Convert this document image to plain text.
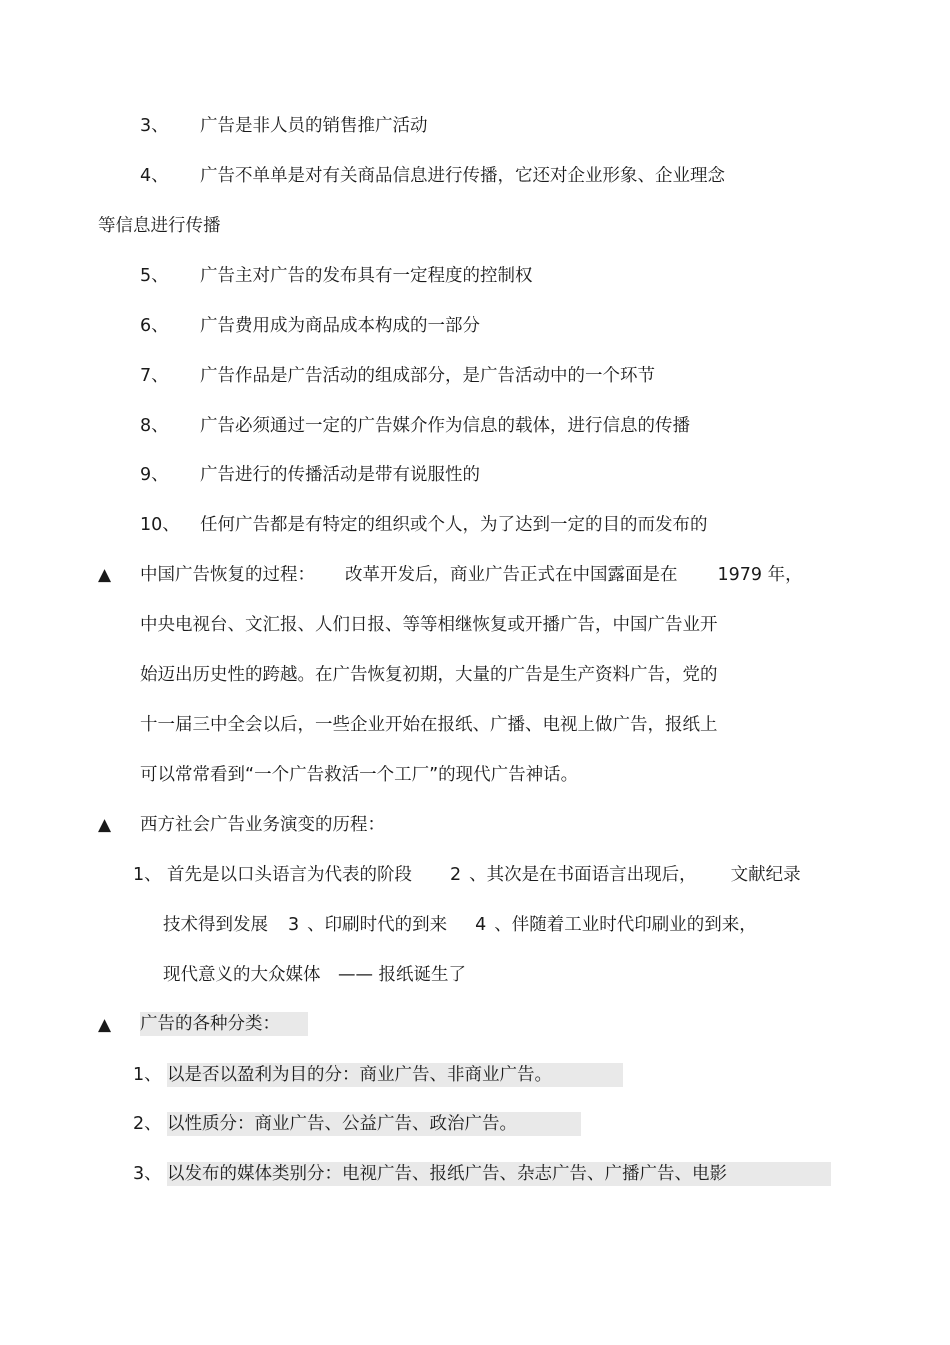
3、 广告是非人员的销售推广活动
4、 广告不单单是对有关商品信息进行传播，它还对企业形象、企业理念
等信息进行传播
5、 广告主对广告的发布具有一定程度的控制权
6、 广告费用成为商品成本构成的一部分
7、 广告作品是广告活动的组成部分，是广告活动中的一个环节
8、 广告必须通过一定的广告媒介作为信息的载体，进行信息的传播
9、 广告进行的传播活动是带有说服性的
10、 任何广告都是有特定的组织或个人，为了达到一定的目的而发布的
▲ 中国广告恢复的过程： 改革开发后，商业广告正式在中国露面是在 1979 年，
中央电视台、文汇报、人们日报、等等相继恢复或开播广告，中国广告业开
始迈出历史性的跨越。在广告恢复初期，大量的广告是生产资料广告，党的
十一届三中全会以后，一些企业开始在报纸、广播、电视上做广告，报纸上
可以常常看到“一个广告救活一个工厂”的现代广告神话。
▲ 西方社会广告业务演变的历程：
1、 首先是以口头语言为代表的阶段 2 、其次是在书面语言出现后， 文献纪录
技术得到发展 3 、印刷时代的到来 4 、伴随着工业时代印刷业的到来，
现代意义的大众媒体　—— 报纸诞生了
▲ 广告的各种分类：
1、 以是否以盈利为目的分：商业广告、非商业广告。
2、 以性质分：商业广告、公益广告、政治广告。
3、 以发布的媒体类别分：电视广告、报纸广告、杂志广告、广播广告、电影
